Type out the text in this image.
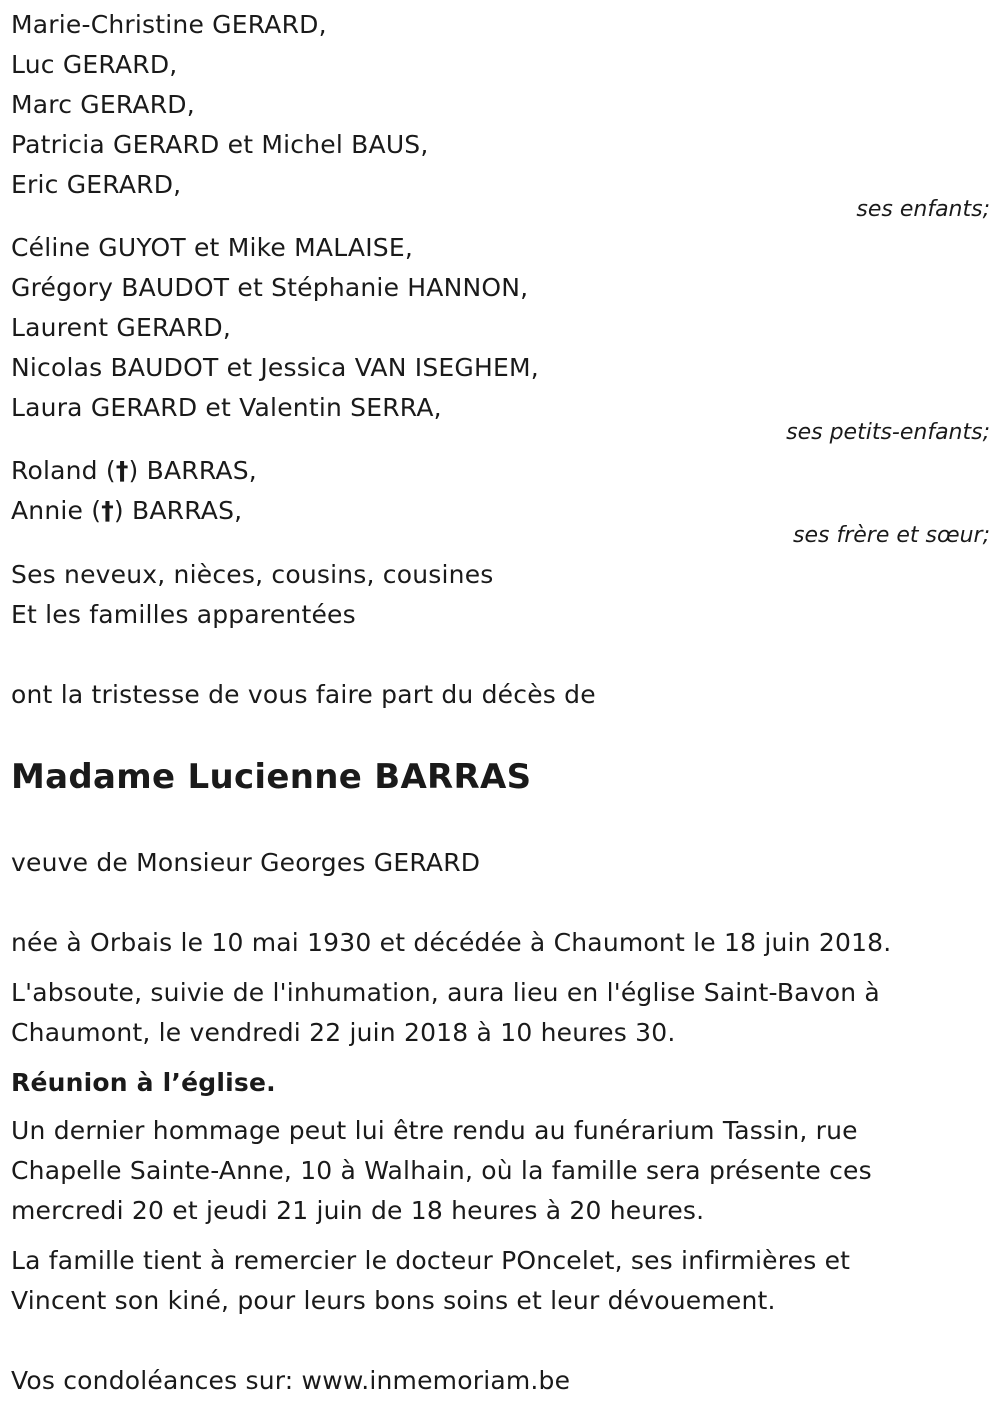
Marie-Christine GERARD,
Luc GERARD,
Marc GERARD,
Patricia GERARD et Michel BAUS,
Eric GERARD,
ses enfants;
Céline GUYOT et Mike MALAISE,
Grégory BAUDOT et Stéphanie HANNON,
Laurent GERARD,
Nicolas BAUDOT et Jessica VAN ISEGHEM,
Laura GERARD et Valentin SERRA,
ses petits-enfants;
Roland (†) BARRAS,
Annie (†) BARRAS,
ses frère et sœur;
Ses neveux, nièces, cousins, cousines
Et les familles apparentées
ont la tristesse de vous faire part du décès de
Madame Lucienne BARRAS
veuve de Monsieur Georges GERARD
née à Orbais le 10 mai 1930 et décédée à Chaumont le 18 juin 2018.
L'absoute, suivie de l'inhumation, aura lieu en l'église Saint-Bavon à
Chaumont, le vendredi 22 juin 2018 à 10 heures 30.
Réunion à l’église.
Un dernier hommage peut lui être rendu au funérarium Tassin, rue
Chapelle Sainte-Anne, 10 à Walhain, où la famille sera présente ces
mercredi 20 et jeudi 21 juin de 18 heures à 20 heures.
La famille tient à remercier le docteur POncelet, ses infirmières et
Vincent son kiné, pour leurs bons soins et leur dévouement.
Vos condoléances sur: www.inmemoriam.be
